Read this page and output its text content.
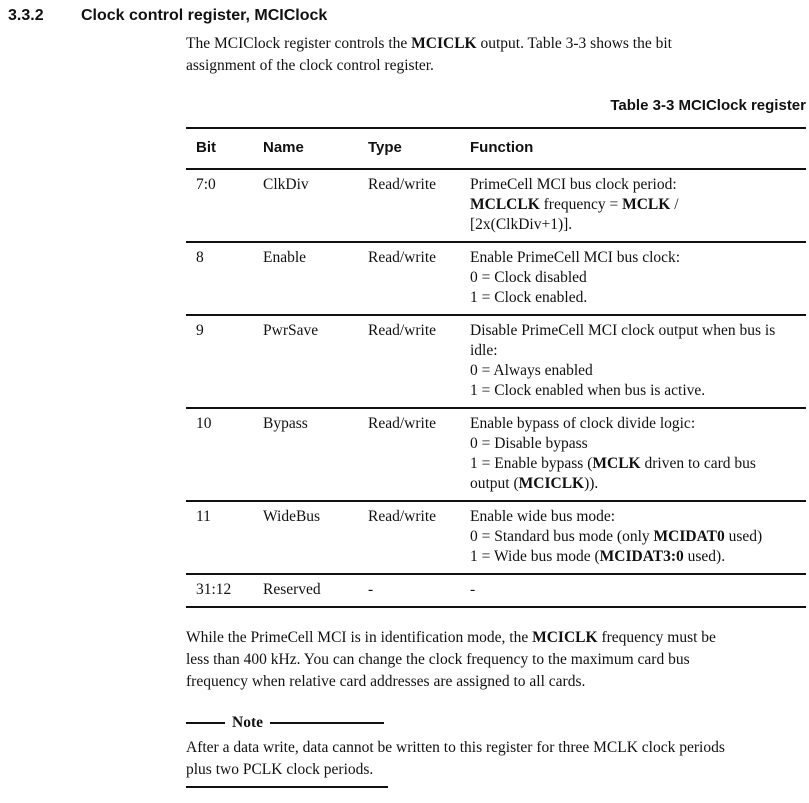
3.3.2 Clock control register, MCIClock
The MCIClock register controls the MCICLK output. Table 3-3 shows the bit
assignment of the clock control register.
Table 3-3 MCIClock register
Bit	Name	Type	Function
7:0	ClkDiv	Read/write	PrimeCell MCI bus clock period:
MCLCLK frequency = MCLK /
[2x(ClkDiv+1)].

8	Enable	Read/write	Enable PrimeCell MCI bus clock:
0 = Clock disabled
1 = Clock enabled.

9	PwrSave	Read/write	Disable PrimeCell MCI clock output when bus is
idle:
0 = Always enabled
1 = Clock enabled when bus is active.

10	Bypass	Read/write	Enable bypass of clock divide logic:
0 = Disable bypass
1 = Enable bypass (MCLK driven to card bus
output (MCICLK)).

11	WideBus	Read/write	Enable wide bus mode:
0 = Standard bus mode (only MCIDAT0 used)
1 = Wide bus mode (MCIDAT3:0 used).

31:12	Reserved	-	-
While the PrimeCell MCI is in identification mode, the MCICLK frequency must be
less than 400 kHz. You can change the clock frequency to the maximum card bus
frequency when relative card addresses are assigned to all cards.
Note
After a data write, data cannot be written to this register for three MCLK clock periods
plus two PCLK clock periods.
